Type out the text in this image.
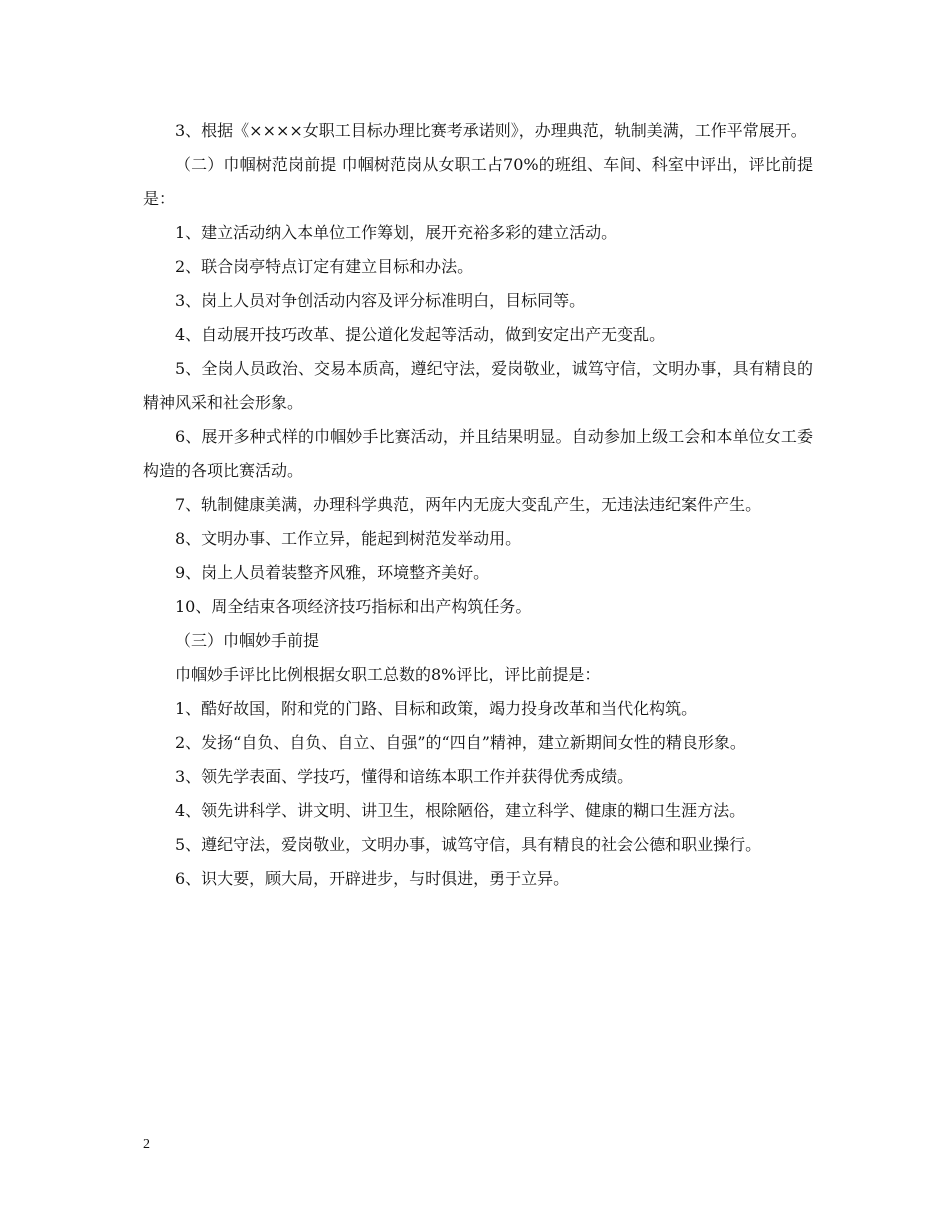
3、根据《××××女职工目标办理比赛考承诺则》，办理典范，轨制美满，工作平常展开。

（二）巾帼树范岗前提 巾帼树范岗从女职工占70%的班组、车间、科室中评出，评比前提是：

1、建立活动纳入本单位工作筹划，展开充裕多彩的建立活动。

2、联合岗亭特点订定有建立目标和办法。

3、岗上人员对争创活动内容及评分标准明白，目标同等。

4、自动展开技巧改革、提公道化发起等活动，做到安定出产无变乱。

5、全岗人员政治、交易本质高，遵纪守法，爱岗敬业，诚笃守信，文明办事，具有精良的精神风采和社会形象。

6、展开多种式样的巾帼妙手比赛活动，并且结果明显。自动参加上级工会和本单位女工委构造的各项比赛活动。

7、轨制健康美满，办理科学典范，两年内无庞大变乱产生，无违法违纪案件产生。

8、文明办事、工作立异，能起到树范发举动用。

9、岗上人员着装整齐风雅，环境整齐美好。

10、周全结束各项经济技巧指标和出产构筑任务。

（三）巾帼妙手前提

巾帼妙手评比比例根据女职工总数的8%评比，评比前提是：

1、酷好故国，附和党的门路、目标和政策，竭力投身改革和当代化构筑。

2、发扬“自负、自负、自立、自强”的“四自”精神，建立新期间女性的精良形象。

3、领先学表面、学技巧，懂得和谙练本职工作并获得优秀成绩。

4、领先讲科学、讲文明、讲卫生，根除陋俗，建立科学、健康的糊口生涯方法。

5、遵纪守法，爱岗敬业，文明办事，诚笃守信，具有精良的社会公德和职业操行。

6、识大要，顾大局，开辟进步，与时俱进，勇于立异。

2
